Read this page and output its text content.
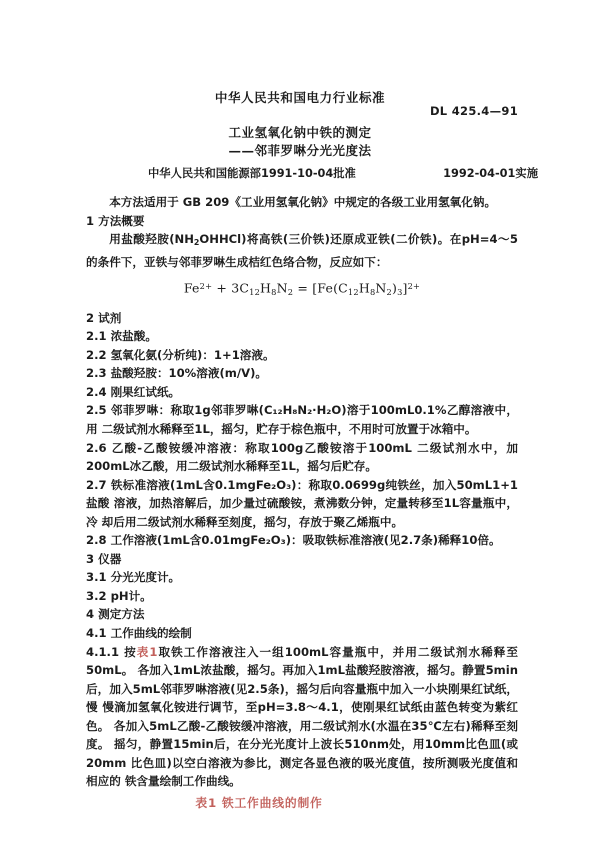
中华人民共和国电力行业标准
DL 425.4—91
工业氢氧化钠中铁的测定
——邻菲罗啉分光光度法
中华人民共和国能源部1991-10-04批准	1992-04-01实施

本方法适用于 GB 209《工业用氢氧化钠》中规定的各级工业用氢氧化钠。

1 方法概要

用盐酸羟胺$(NH_2OHHCl)$将高铁(三价铁)还原成亚铁(二价铁)。在pH=4～5的条件下，亚铁与邻菲罗啉生成桔红色络合物，反应如下：

$Fe^{2+} + 3C_{12}H_8N_2 = [Fe(C_{12}H_8N_2)_3]^{2+}$

2 试剂

2.1 浓盐酸。

2.2 氢氧化氨(分析纯)：1+1溶液。

2.3 盐酸羟胺：10%溶液(m/V)。

2.4 刚果红试纸。

2.5 邻菲罗啉：称取1g邻菲罗啉(C₁₂H₈N₂·H₂O)溶于100mL0.1%乙醇溶液中，用 二级试剂水稀释至1L，摇匀，贮存于棕色瓶中，不用时可放置于冰箱中。

2.6 乙酸-乙酸铵缓冲溶液：称取100g乙酸铵溶于100mL 二级试剂水中，加200mL冰乙酸，用二级试剂水稀释至1L，摇匀后贮存。

2.7 铁标准溶液(1mL含0.1mgFe₂O₃)：称取0.0699g纯铁丝，加入50mL1+1盐酸 溶液，加热溶解后，加少量过硫酸铵，煮沸数分钟，定量转移至1L容量瓶中，冷 却后用二级试剂水稀释至刻度，摇匀，存放于聚乙烯瓶中。

2.8 工作溶液(1mL含0.01mgFe₂O₃)：吸取铁标准溶液(见2.7条)稀释10倍。

3 仪器

3.1 分光光度计。

3.2 pH计。

4 测定方法

4.1 工作曲线的绘制

4.1.1 按表1取铁工作溶液注入一组100mL容量瓶中，并用二级试剂水稀释至50mL。 各加入1mL浓盐酸，摇匀。再加入1mL盐酸羟胺溶液，摇匀。静置5min后，加入5mL邻菲罗啉溶液(见2.5条)，摇匀后向容量瓶中加入一小块刚果红试纸，慢 慢滴加氢氧化铵进行调节，至pH=3.8～4.1，使刚果红试纸由蓝色转变为紫红色。 各加入5mL乙酸-乙酸铵缓冲溶液，用二级试剂水(水温在35℃左右)稀释至刻度。 摇匀，静置15min后，在分光光度计上波长510nm处，用10mm比色皿(或20mm 比色皿)以空白溶液为参比，测定各显色液的吸光度值，按所测吸光度值和相应的 铁含量绘制工作曲线。

表1 铁工作曲线的制作
